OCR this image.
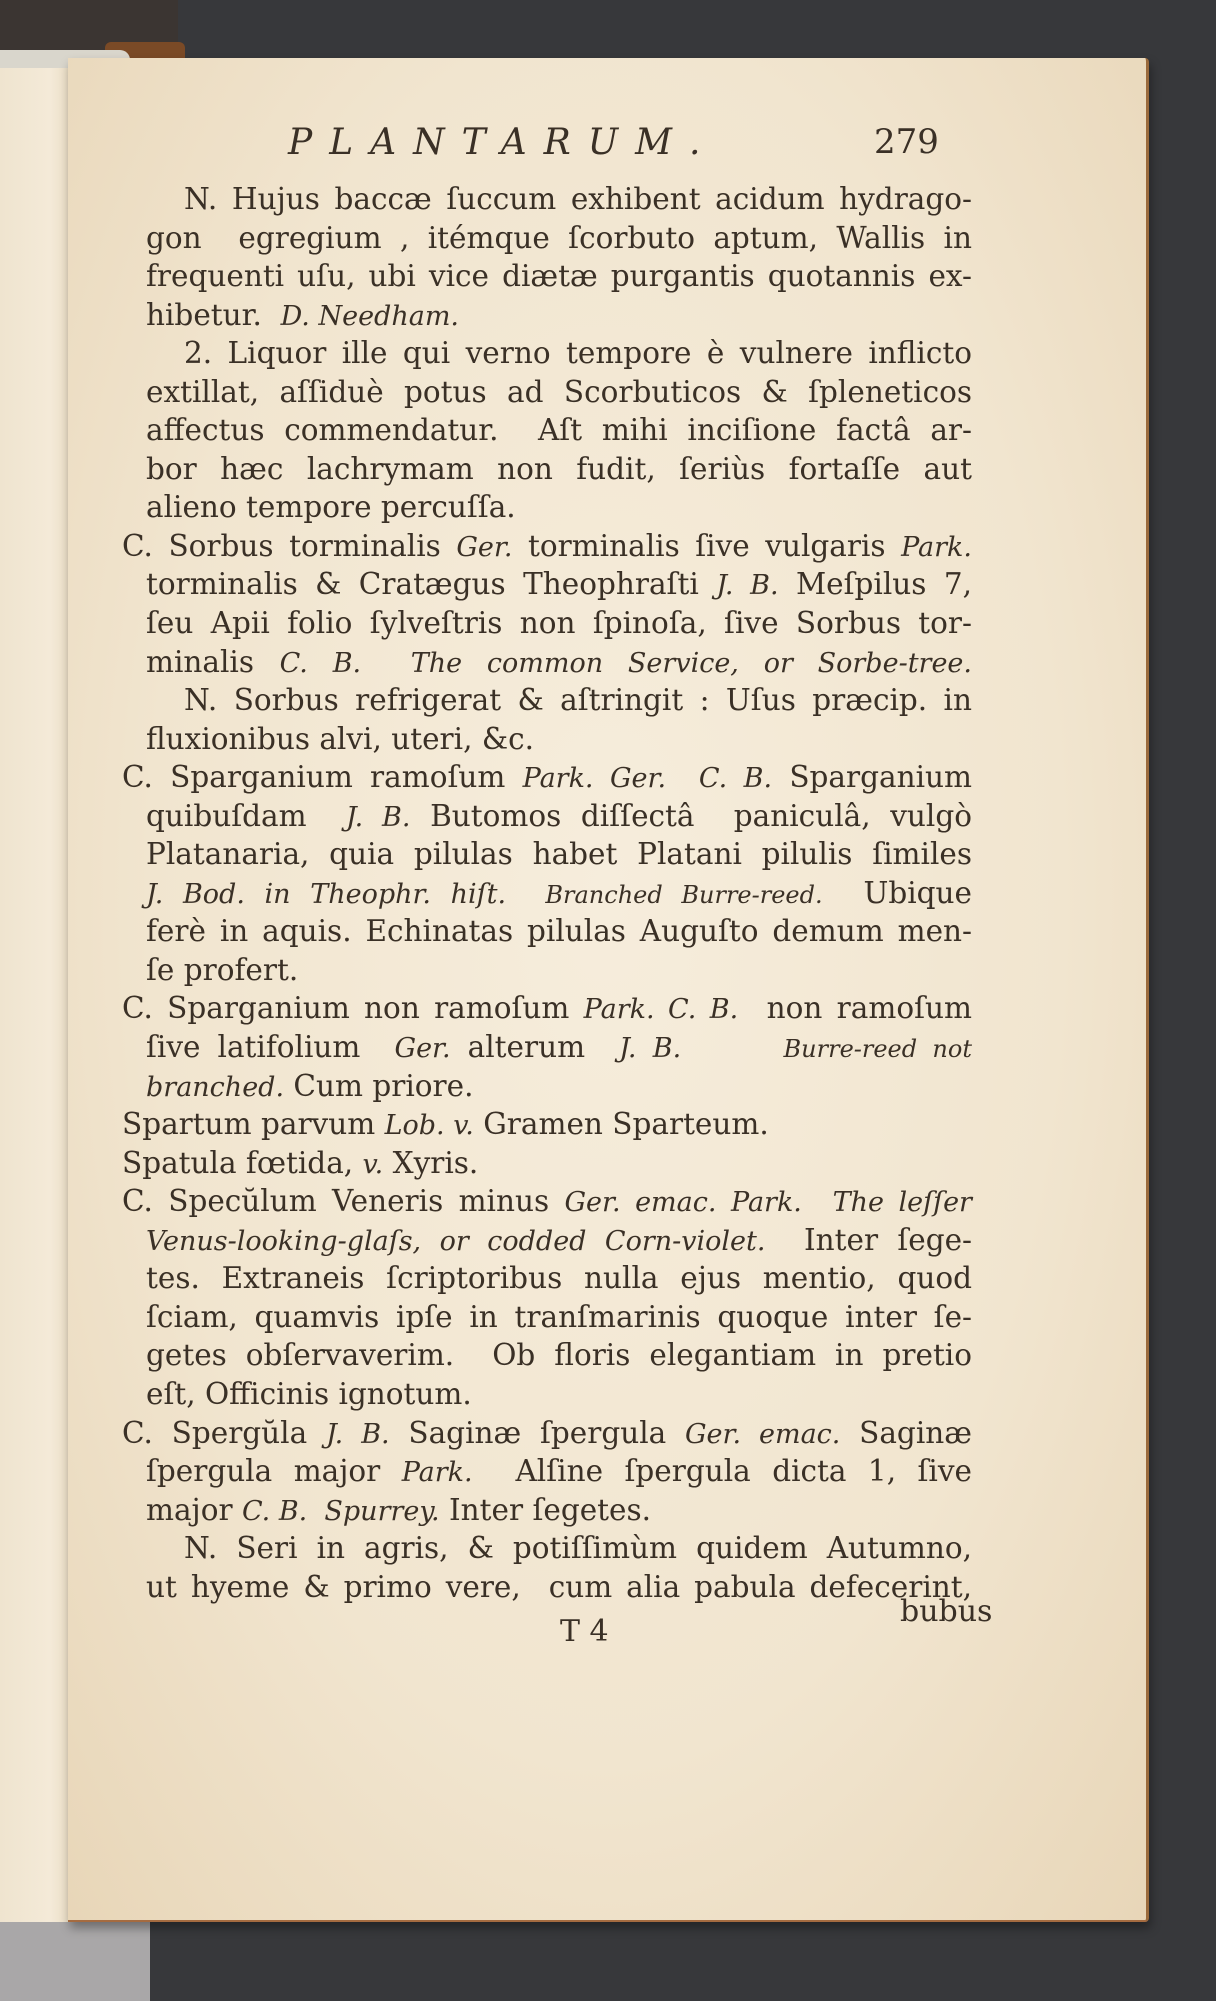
PLANTARUM.	279
N. Hujus baccæ ſuccum exhibent acidum hydrago-
gon  egregium , itémque ſcorbuto aptum, Wallis in
frequenti uſu, ubi vice diætæ purgantis quotannis ex-
hibetur.  D. Needham.
2. Liquor ille qui verno tempore è vulnere inflicto
extillat, aſſiduè potus ad Scorbuticos & ſpleneticos
affectus commendatur.  Aſt mihi inciſione factâ ar-
bor hæc lachrymam non fudit, ſeriùs fortaſſe aut
alieno tempore percuſſa.
C. Sorbus torminalis Ger. torminalis ſive vulgaris Park.
torminalis & Cratægus Theophraſti J. B. Meſpilus 7,
ſeu Apii folio ſylveſtris non ſpinoſa, ſive Sorbus tor-
minalis C. B.  The common Service, or Sorbe-tree.
N. Sorbus refrigerat & aſtringit : Uſus præcip. in
fluxionibus alvi, uteri, &c.
C. Sparganium ramoſum Park. Ger.  C. B. Sparganium
quibuſdam  J. B. Butomos diſſectâ  paniculâ, vulgò
Platanaria, quia pilulas habet Platani pilulis ſimiles
J. Bod. in Theophr. hiſt.  Branched Burre-reed.  Ubique
ferè in aquis. Echinatas pilulas Auguſto demum men-
ſe profert.
C. Sparganium non ramoſum Park. C. B.  non ramoſum
ſive latifolium  Ger. alterum  J. B.	Burre-reed not
branched. Cum priore.
Spartum parvum Lob. v. Gramen Sparteum.
Spatula fœtida, v. Xyris.
C. Specŭlum Veneris minus Ger. emac. Park. The leſſer
Venus-looking-glaſs, or codded Corn-violet.  Inter ſege-
tes. Extraneis ſcriptoribus nulla ejus mentio, quod
ſciam, quamvis ipſe in tranſmarinis quoque inter ſe-
getes obſervaverim.  Ob floris elegantiam in pretio
eſt, Officinis ignotum.
C. Spergŭla J. B. Saginæ ſpergula Ger. emac. Saginæ
ſpergula major Park.  Alſine ſpergula dicta 1, ſive
major C. B.  Spurrey. Inter ſegetes.
N. Seri in agris, & potiſſimùm quidem Autumno,
ut hyeme & primo vere,  cum alia pabula defecerint,
T 4
bubus
